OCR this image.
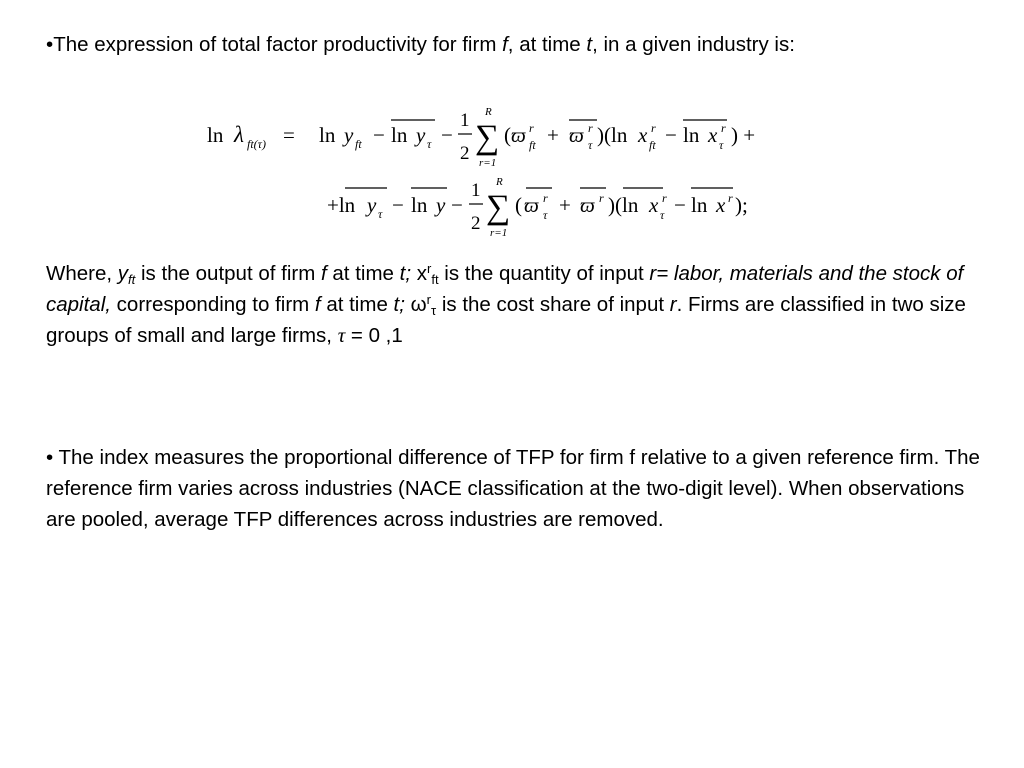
•The expression of total factor productivity for firm f, at time t, in a given industry is:

ln λ ft(τ) = ln y ft − ln y τ −
1
2
R
∑
r=1
( ϖ r
ft + ϖ r
τ )(ln x r
ft − ln x r
τ ) +
+ln y τ − ln y −
1
2
R
∑
r=1
( ϖ r
τ + ϖ r )(ln x r
τ − ln x r );

Where, $y_{ft}$ is the output of firm f at time t; $x^r_{ft}$ is the quantity of input r= labor, materials and the stock of capital, corresponding to firm f at time t; $\omega^r_\tau$ is the cost share of input r. Firms are classified in two size groups of small and large firms, τ = 0 ,1

• The index measures the proportional difference of TFP for firm f relative to a given reference firm. The reference firm varies across industries (NACE classification at the two-digit level). When observations are pooled, average TFP differences across industries are removed.
